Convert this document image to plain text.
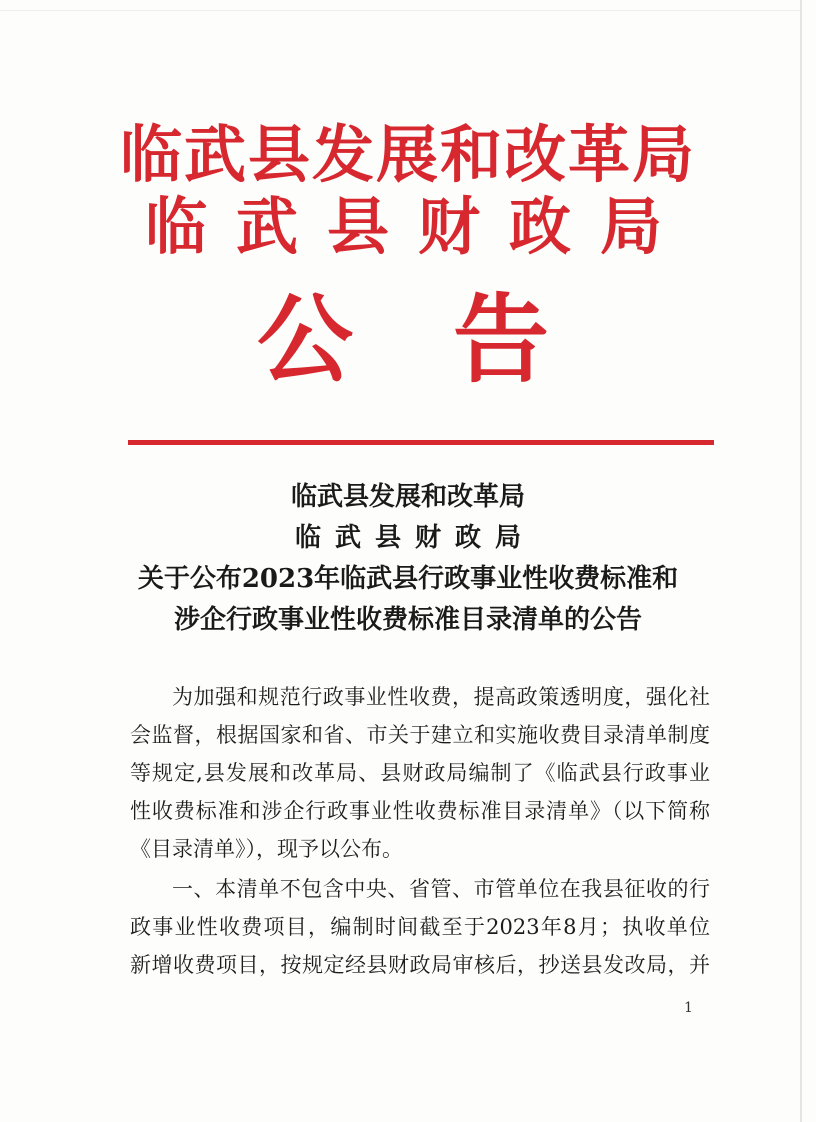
临武县发展和改革局
临武县财政局
公告
临武县发展和改革局
临武县财政局
关于公布2023年临武县行政事业性收费标准和
涉企行政事业性收费标准目录清单的公告
为加强和规范行政事业性收费，提高政策透明度，强化社
会监督，根据国家和省、市关于建立和实施收费目录清单制度
等规定,县发展和改革局、县财政局编制了《临武县行政事业
性收费标准和涉企行政事业性收费标准目录清单》（以下简称
《目录清单》），现予以公布。
一、本清单不包含中央、省管、市管单位在我县征收的行
政事业性收费项目，编制时间截至于2023年8月；执收单位
新增收费项目，按规定经县财政局审核后，抄送县发改局，并
1
